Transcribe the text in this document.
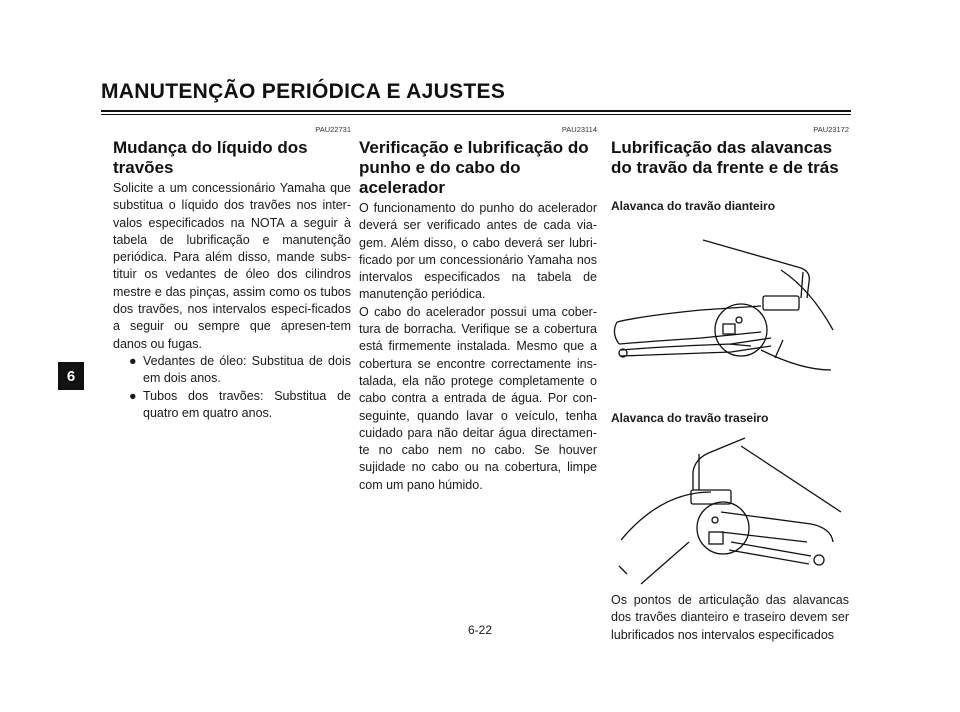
MANUTENÇÃO PERIÓDICA E AJUSTES
6
PAU22731
Mudança do líquido dos travões
Solicite a um concessionário Yamaha que substitua o líquido dos travões nos inter-valos especificados na NOTA a seguir à tabela de lubrificação e manutenção periódica. Para além disso, mande subs-tituir os vedantes de óleo dos cilindros mestre e das pinças, assim como os tubos dos travões, nos intervalos especi-ficados a seguir ou sempre que apresen-tem danos ou fugas.
● Vedantes de óleo: Substitua de dois em dois anos.
● Tubos dos travões: Substitua de quatro em quatro anos.
PAU23114
Verificação e lubrificação do punho e do cabo do acelerador
O funcionamento do punho do acelerador deverá ser verificado antes de cada via-gem. Além disso, o cabo deverá ser lubri-ficado por um concessionário Yamaha nos intervalos especificados na tabela de manutenção periódica.
O cabo do acelerador possui uma cober-tura de borracha. Verifique se a cobertura está firmemente instalada. Mesmo que a cobertura se encontre correctamente ins-talada, ela não protege completamente o cabo contra a entrada de água. Por con-seguinte, quando lavar o veículo, tenha cuidado para não deitar água directamen-te no cabo nem no cabo. Se houver sujidade no cabo ou na cobertura, limpe com um pano húmido.
PAU23172
Lubrificação das alavancas do travão da frente e de trás
Alavanca do travão dianteiro
Alavanca do travão traseiro
Os pontos de articulação das alavancas dos travões dianteiro e traseiro devem ser lubrificados nos intervalos especificados
6-22
